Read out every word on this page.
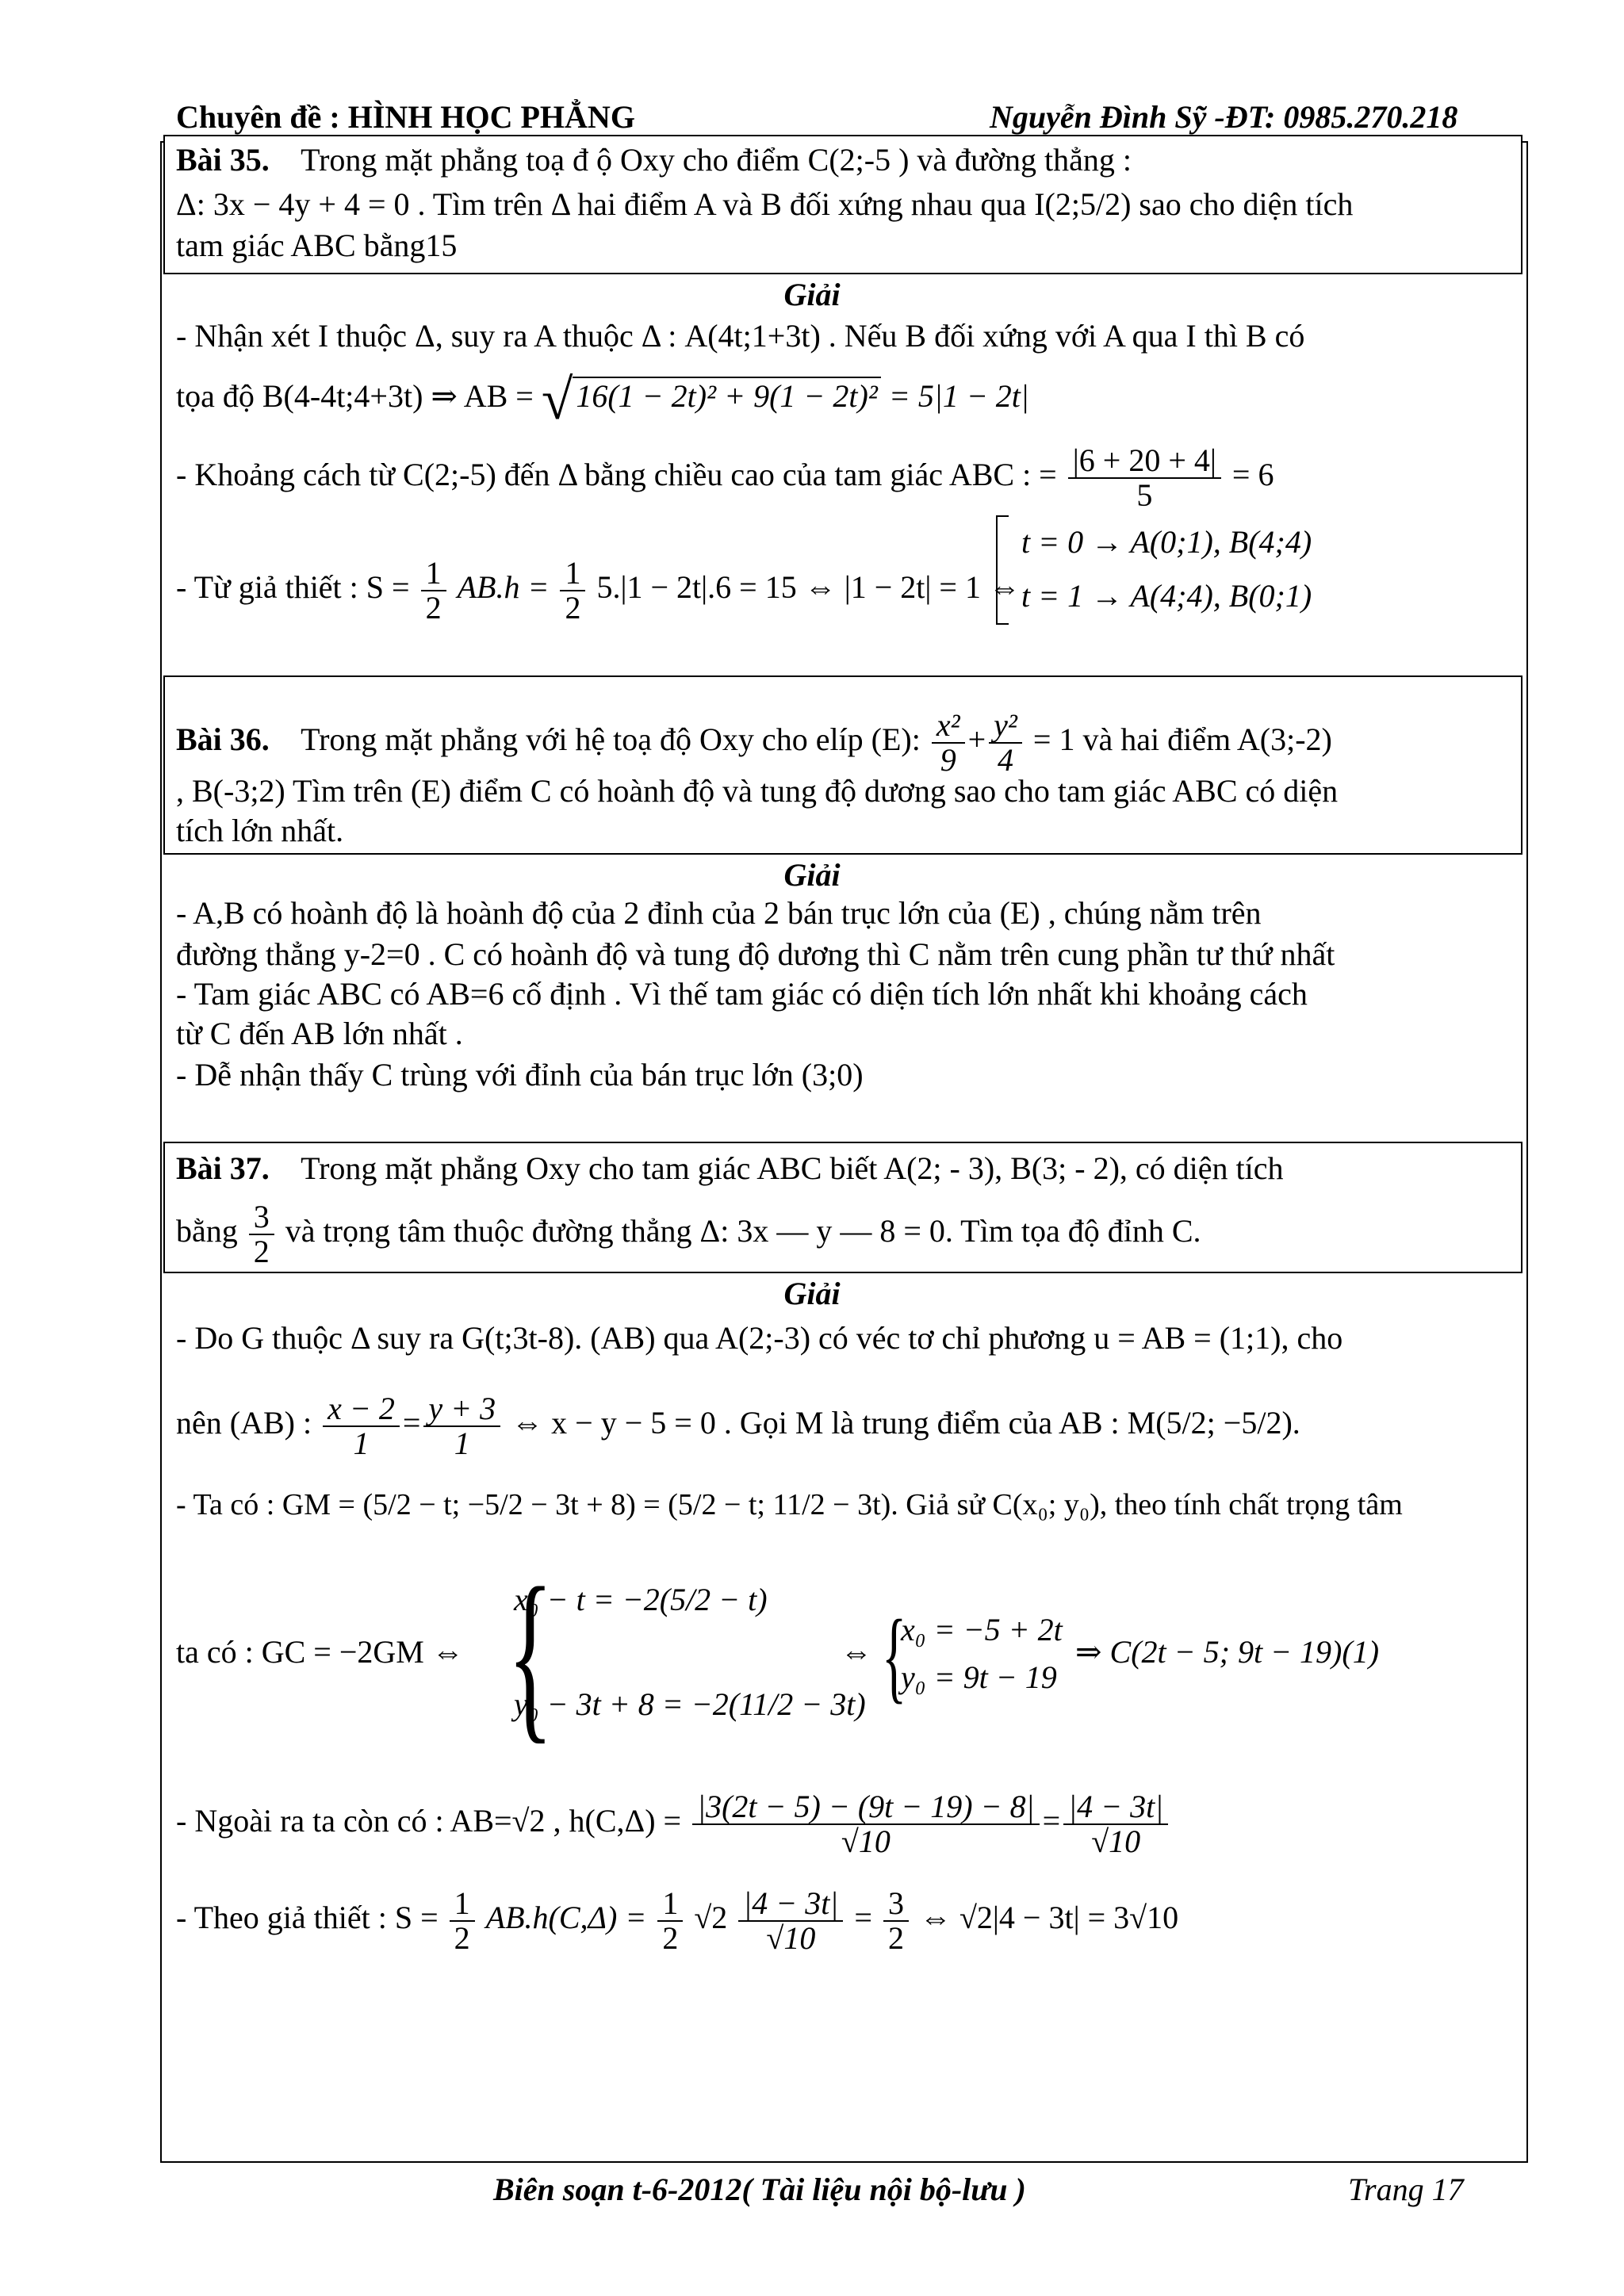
Chuyên đề : HÌNH HỌC PHẲNG	Nguyễn Đình Sỹ -ĐT: 0985.270.218
Bài 35. Trong mặt phẳng toạ đ ộ Oxy cho điểm C(2;-5 ) và đường thẳng :
Δ: 3x − 4y + 4 = 0 . Tìm trên Δ hai điểm A và B đối xứng nhau qua I(2;5/2) sao cho diện tích
tam giác ABC bằng15
Giải
- Nhận xét I thuộc Δ, suy ra A thuộc Δ : A(4t;1+3t) . Nếu B đối xứng với A qua I thì B có
tọa độ B(4-4t;4+3t) ⇒ AB = √ 16(1 − 2t)² + 9(1 − 2t)² = 5|1 − 2t|
- Khoảng cách từ C(2;-5) đến Δ bằng chiều cao của tam giác ABC : = $\frac{|6 + 20 + 4|}{5} = 6$
- Từ giả thiết : $S = \frac{1}{2} AB.h = \frac{1}{2} 5.|1 - 2t|.6 = 15$ ⇔ |1 − 2t| = 1 ⇔
t = 0 → A(0;1), B(4;4)
t = 1 → A(4;4), B(0;1)
Bài 36. Trong mặt phẳng với hệ toạ độ Oxy cho elíp (E): $\frac{\text{x²}}{9} + \frac{\text{y²}}{4} = 1$ và hai điểm A(3;-2)
, B(-3;2) Tìm trên (E) điểm C có hoành độ và tung độ dương sao cho tam giác ABC có diện
tích lớn nhất.
Giải
- A,B có hoành độ là hoành độ của 2 đỉnh của 2 bán trục lớn của (E) , chúng nằm trên
đường thẳng y-2=0 . C có hoành độ và tung độ dương thì C nằm trên cung phần tư thứ nhất
- Tam giác ABC có AB=6 cố định . Vì thế tam giác có diện tích lớn nhất khi khoảng cách
từ C đến AB lớn nhất .
- Dễ nhận thấy C trùng với đỉnh của bán trục lớn (3;0)
Bài 37. Trong mặt phẳng Oxy cho tam giác ABC biết A(2; - 3), B(3; - 2), có diện tích
bằng $\frac{3}{2}$ và trọng tâm thuộc đường thẳng Δ: 3x — y — 8 = 0. Tìm tọa độ đỉnh C.
Giải
- Do G thuộc Δ suy ra G(t;3t-8). (AB) qua A(2;-3) có véc tơ chỉ phương u = AB = (1;1), cho
nên (AB) : $\frac{x - 2}{1} = \frac{y + 3}{1}$ ⇔ x − y − 5 = 0 . Gọi M là trung điểm của AB : M(5/2; −5/2).
- Ta có : GM = (5/2 − t; −5/2 − 3t + 8) = (5/2 − t; 11/2 − 3t). Giả sử C(x₀; y₀), theo tính chất trọng tâm
ta có : GC = −2GM ⇔ {
x₀ − t = −2(5/2 − t)
y₀ − 3t + 8 = −2(11/2 − 3t)
⇔ {
x₀ = −5 + 2t
y₀ = 9t − 19
⇒ C(2t − 5; 9t − 19)(1)
- Ngoài ra ta còn có : AB=√2 , $h(C,\Delta) = \frac{|3(2t - 5) - (9t - 19) - 8|}{√10} = \frac{|4 - 3t|}{√10}$
- Theo giả thiết : $S = \frac{1}{2} AB.h(C,\Delta) = \frac{1}{2} √2 \frac{|4 - 3t|}{√10} = \frac{3}{2}$ ⇔ √2|4 − 3t| = 3√10
Biên soạn t-6-2012( Tài liệu nội bộ-lưu )	Trang 17
